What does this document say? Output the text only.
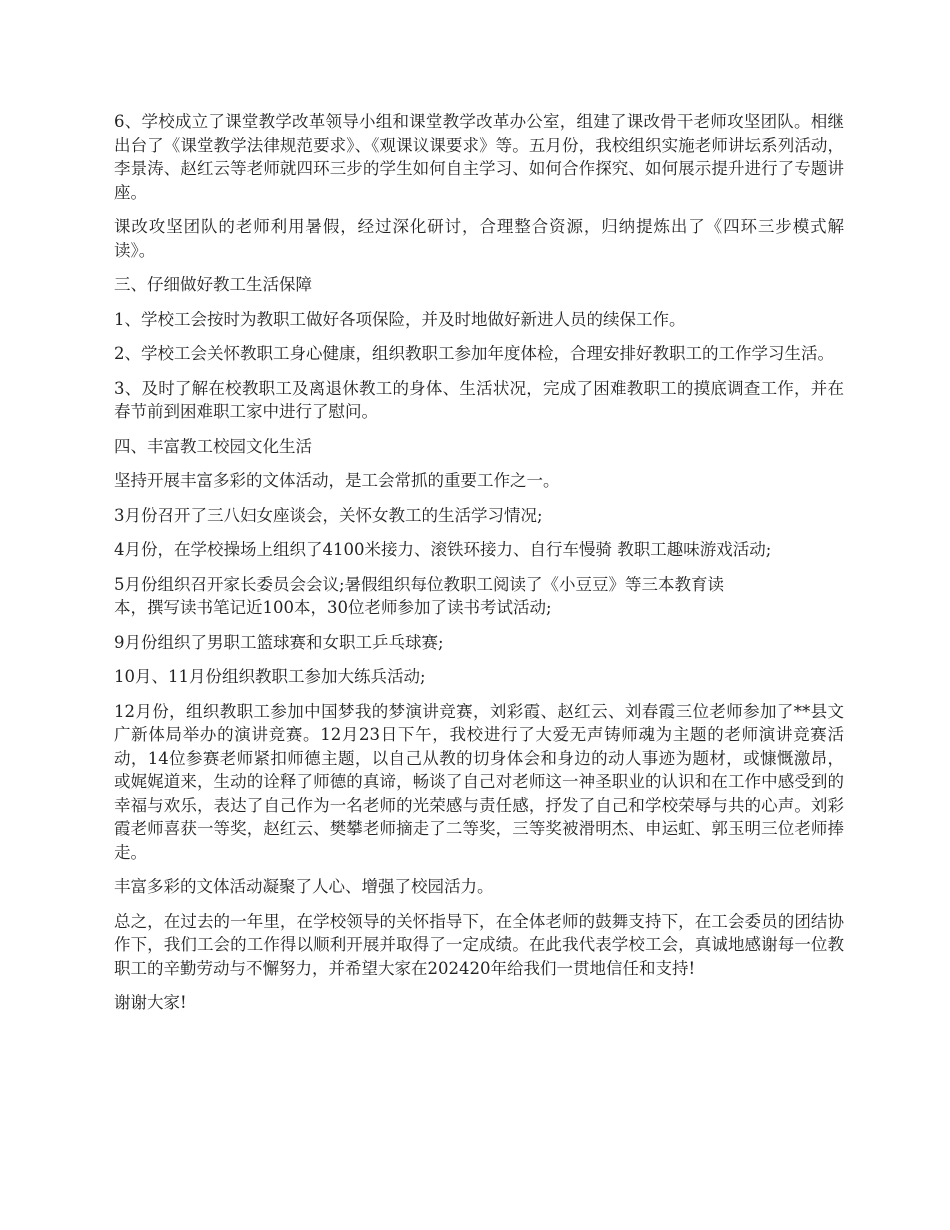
6、学校成立了课堂教学改革领导小组和课堂教学改革办公室，组建了课改骨干老师攻坚团队。相继出台了《课堂教学法律规范要求》、《观课议课要求》等。五月份，我校组织实施老师讲坛系列活动，李景涛、赵红云等老师就四环三步的学生如何自主学习、如何合作探究、如何展示提升进行了专题讲座。

课改攻坚团队的老师利用暑假，经过深化研讨，合理整合资源，归纳提炼出了《四环三步模式解读》。

三、仔细做好教工生活保障

1、学校工会按时为教职工做好各项保险，并及时地做好新进人员的续保工作。

2、学校工会关怀教职工身心健康，组织教职工参加年度体检，合理安排好教职工的工作学习生活。

3、及时了解在校教职工及离退休教工的身体、生活状况，完成了困难教职工的摸底调查工作，并在春节前到困难职工家中进行了慰问。

四、丰富教工校园文化生活

坚持开展丰富多彩的文体活动，是工会常抓的重要工作之一。

3月份召开了三八妇女座谈会，关怀女教工的生活学习情况;

4月份，在学校操场上组织了4100米接力、滚铁环接力、自行车慢骑 教职工趣味游戏活动;

5月份组织召开家长委员会会议;暑假组织每位教职工阅读了《小豆豆》等三本教育读
本，撰写读书笔记近100本，30位老师参加了读书考试活动;

9月份组织了男职工篮球赛和女职工乒乓球赛;

10月、11月份组织教职工参加大练兵活动;

12月份，组织教职工参加中国梦我的梦演讲竞赛，刘彩霞、赵红云、刘春霞三位老师参加了**县文广新体局举办的演讲竞赛。12月23日下午，我校进行了大爱无声铸师魂为主题的老师演讲竞赛活动，14位参赛老师紧扣师德主题，以自己从教的切身体会和身边的动人事迹为题材，或慷慨激昂，或娓娓道来，生动的诠释了师德的真谛，畅谈了自己对老师这一神圣职业的认识和在工作中感受到的幸福与欢乐，表达了自己作为一名老师的光荣感与责任感，抒发了自己和学校荣辱与共的心声。刘彩霞老师喜获一等奖，赵红云、樊攀老师摘走了二等奖，三等奖被滑明杰、申运虹、郭玉明三位老师捧走。

丰富多彩的文体活动凝聚了人心、增强了校园活力。

总之，在过去的一年里，在学校领导的关怀指导下，在全体老师的鼓舞支持下，在工会委员的团结协作下，我们工会的工作得以顺利开展并取得了一定成绩。在此我代表学校工会，真诚地感谢每一位教职工的辛勤劳动与不懈努力，并希望大家在202420年给我们一贯地信任和支持!

谢谢大家!
